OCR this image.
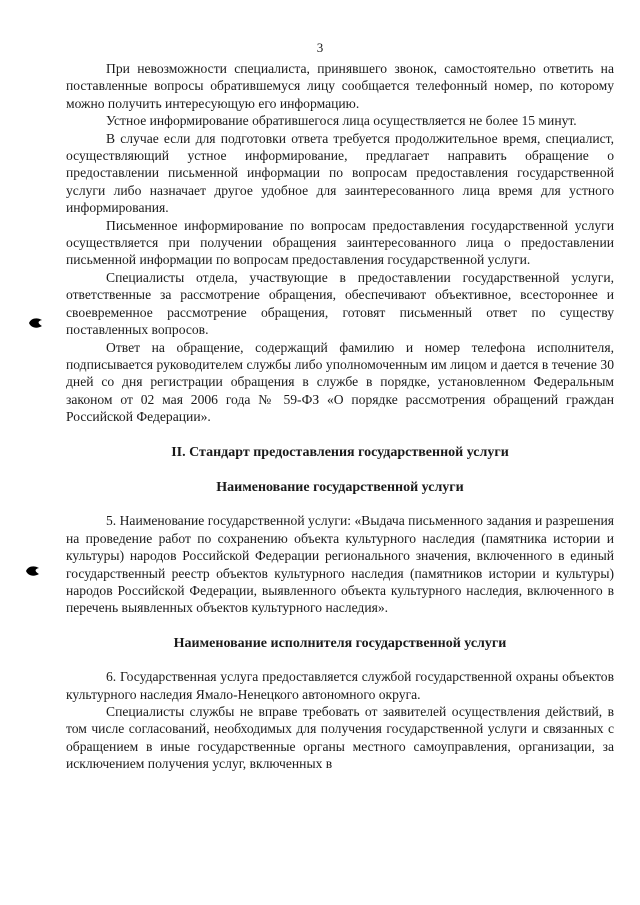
3

При невозможности специалиста, принявшего звонок, самостоятельно ответить на поставленные вопросы обратившемуся лицу сообщается телефонный номер, по которому можно получить интересующую его информацию.

Устное информирование обратившегося лица осуществляется не более 15 минут.

В случае если для подготовки ответа требуется продолжительное время, специалист, осуществляющий устное информирование, предлагает направить обращение о предоставлении письменной информации по вопросам предоставления государственной услуги либо назначает другое удобное для заинтересованного лица время для устного информирования.

Письменное информирование по вопросам предоставления государственной услуги осуществляется при получении обращения заинтересованного лица о предоставлении письменной информации по вопросам предоставления государственной услуги.

Специалисты отдела, участвующие в предоставлении государственной услуги, ответственные за рассмотрение обращения, обеспечивают объективное, всестороннее и своевременное рассмотрение обращения, готовят письменный ответ по существу поставленных вопросов.

Ответ на обращение, содержащий фамилию и номер телефона исполнителя, подписывается руководителем службы либо уполномоченным им лицом и дается в течение 30 дней со дня регистрации обращения в службе в порядке, установленном Федеральным законом от 02 мая 2006 года № 59-ФЗ «О порядке рассмотрения обращений граждан Российской Федерации».

II. Стандарт предоставления государственной услуги
Наименование государственной услуги

5. Наименование государственной услуги: «Выдача письменного задания и разрешения на проведение работ по сохранению объекта культурного наследия (памятника истории и культуры) народов Российской Федерации регионального значения, включенного в единый государственный реестр объектов культурного наследия (памятников истории и культуры) народов Российской Федерации, выявленного объекта культурного наследия, включенного в перечень выявленных объектов культурного наследия».

Наименование исполнителя государственной услуги

6. Государственная услуга предоставляется службой государственной охраны объектов культурного наследия Ямало-Ненецкого автономного округа.

Специалисты службы не вправе требовать от заявителей осуществления действий, в том числе согласований, необходимых для получения государственной услуги и связанных с обращением в иные государственные органы местного самоуправления, организации, за исключением получения услуг, включенных в
